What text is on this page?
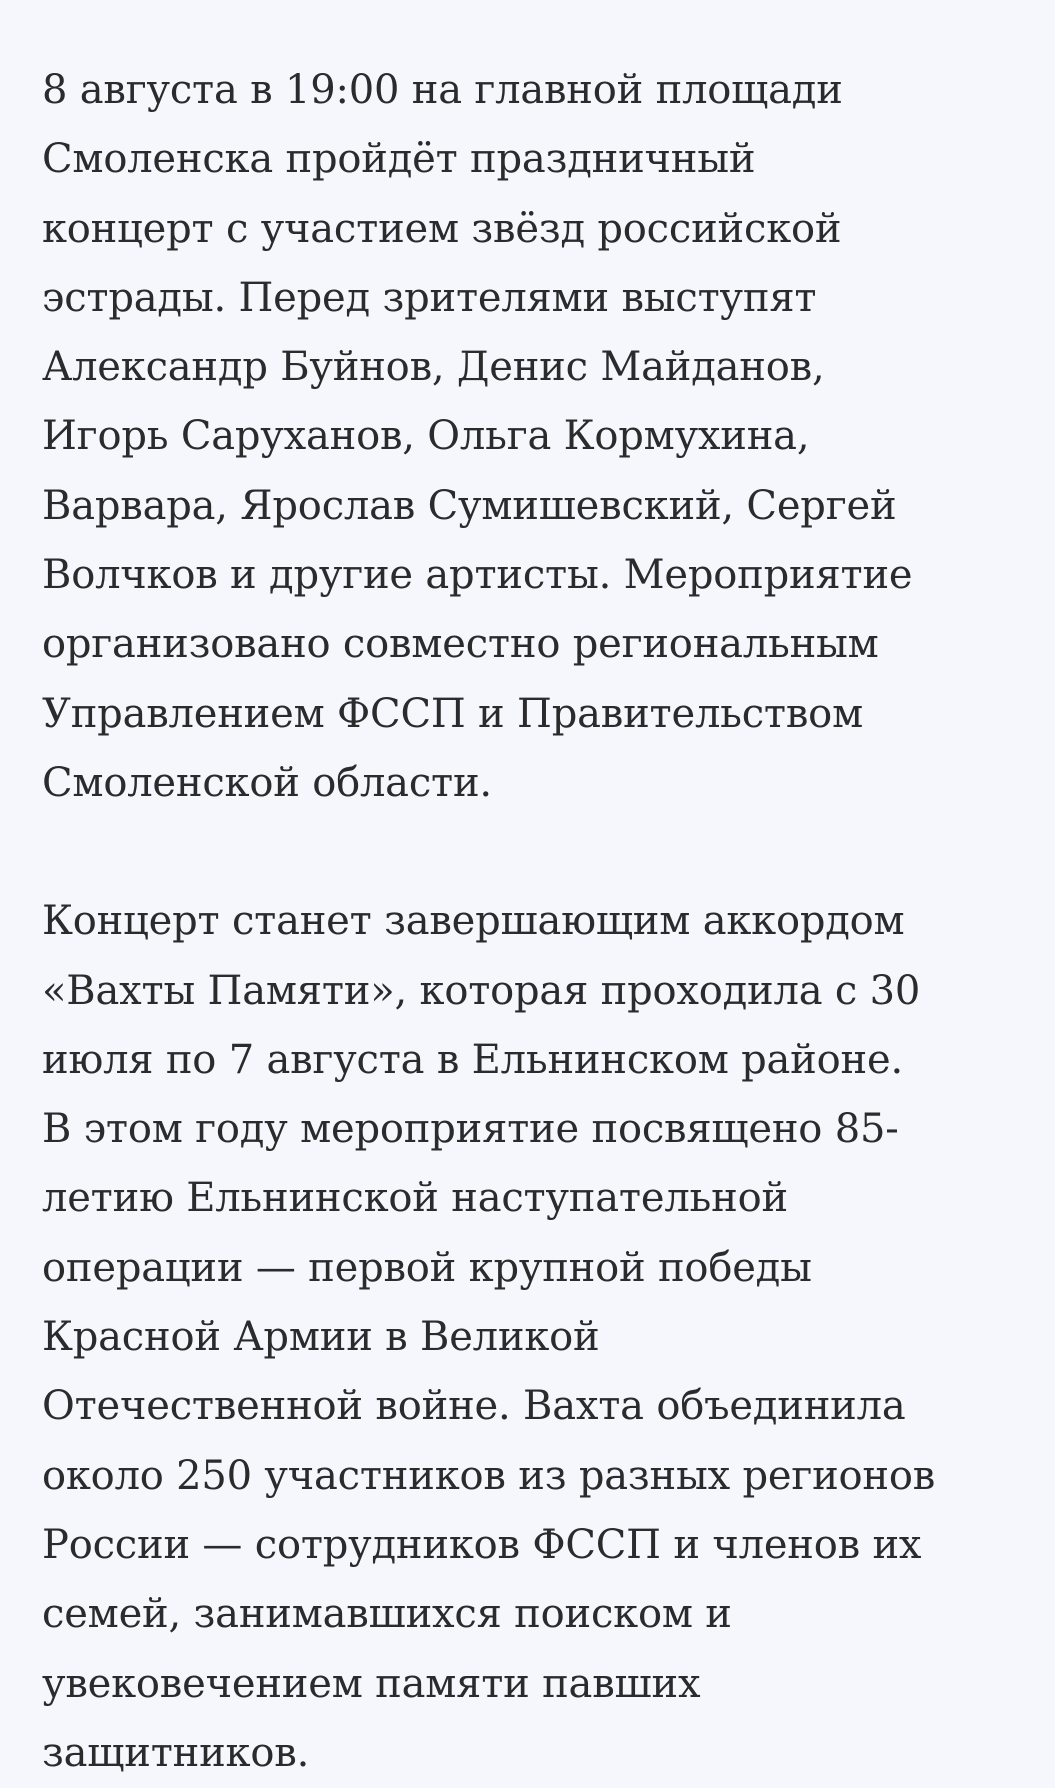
8 августа в 19:00 на главной площади
Смоленска пройдёт праздничный
концерт с участием звёзд российской
эстрады. Перед зрителями выступят
Александр Буйнов, Денис Майданов,
Игорь Саруханов, Ольга Кормухина,
Варвара, Ярослав Сумишевский, Сергей
Волчков и другие артисты. Мероприятие
организовано совместно региональным
Управлением ФССП и Правительством
Смоленской области.

Концерт станет завершающим аккордом
«Вахты Памяти», которая проходила с 30
июля по 7 августа в Ельнинском районе.
В этом году мероприятие посвящено 85-
летию Ельнинской наступательной
операции — первой крупной победы
Красной Армии в Великой
Отечественной войне. Вахта объединила
около 250 участников из разных регионов
России — сотрудников ФССП и членов их
семей, занимавшихся поиском и
увековечением памяти павших
защитников.
